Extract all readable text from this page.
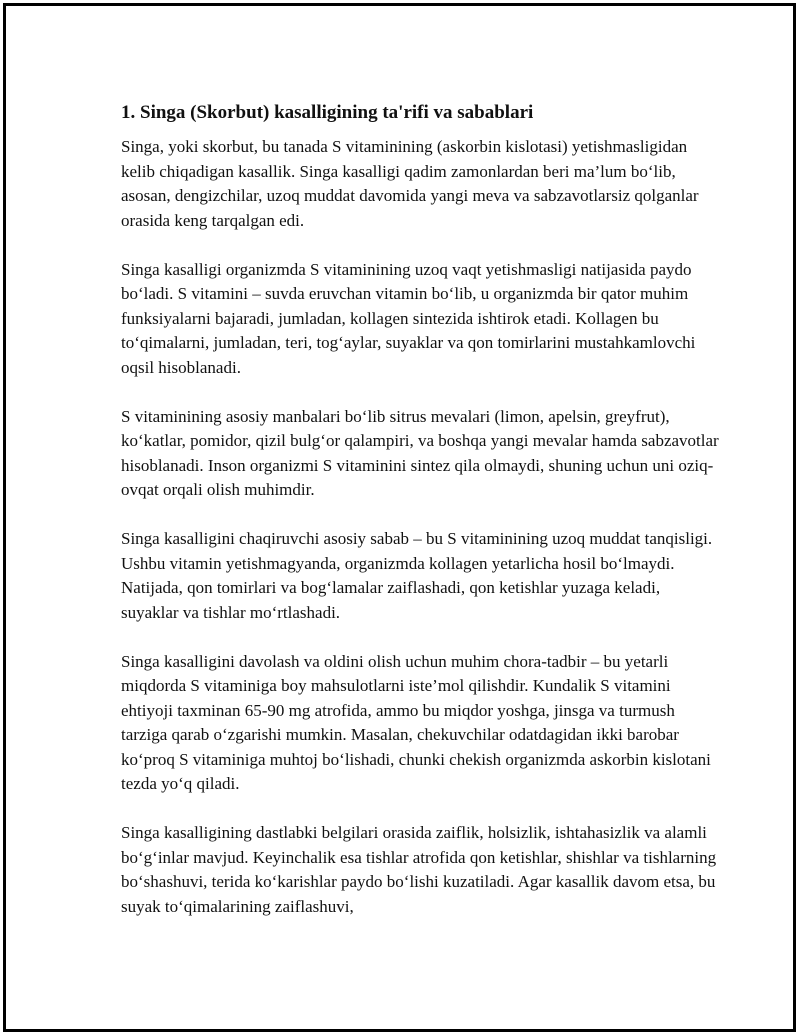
1. Singa (Skorbut) kasalligining ta'rifi va sabablari

Singa, yoki skorbut, bu tanada S vitaminining (askorbin kislotasi) yetishmasligidan kelib chiqadigan kasallik. Singa kasalligi qadim zamonlardan beri ma’lum bo‘lib, asosan, dengizchilar, uzoq muddat davomida yangi meva va sabzavotlarsiz qolganlar orasida keng tarqalgan edi.

Singa kasalligi organizmda S vitaminining uzoq vaqt yetishmasligi natijasida paydo bo‘ladi. S vitamini – suvda eruvchan vitamin bo‘lib, u organizmda bir qator muhim funksiyalarni bajaradi, jumladan, kollagen sintezida ishtirok etadi. Kollagen bu to‘qimalarni, jumladan, teri, tog‘aylar, suyaklar va qon tomirlarini mustahkamlovchi oqsil hisoblanadi.

S vitaminining asosiy manbalari bo‘lib sitrus mevalari (limon, apelsin, greyfrut), ko‘katlar, pomidor, qizil bulg‘or qalampiri, va boshqa yangi mevalar hamda sabzavotlar hisoblanadi. Inson organizmi S vitaminini sintez qila olmaydi, shuning uchun uni oziq-ovqat orqali olish muhimdir.

Singa kasalligini chaqiruvchi asosiy sabab – bu S vitaminining uzoq muddat tanqisligi. Ushbu vitamin yetishmagyanda, organizmda kollagen yetarlicha hosil bo‘lmaydi. Natijada, qon tomirlari va bog‘lamalar zaiflashadi, qon ketishlar yuzaga keladi, suyaklar va tishlar mo‘rtlashadi.

Singa kasalligini davolash va oldini olish uchun muhim chora-tadbir – bu yetarli miqdorda S vitaminiga boy mahsulotlarni iste’mol qilishdir. Kundalik S vitamini ehtiyoji taxminan 65-90 mg atrofida, ammo bu miqdor yoshga, jinsga va turmush tarziga qarab o‘zgarishi mumkin. Masalan, chekuvchilar odatdagidan ikki barobar ko‘proq S vitaminiga muhtoj bo‘lishadi, chunki chekish organizmda askorbin kislotani tezda yo‘q qiladi.

Singa kasalligining dastlabki belgilari orasida zaiflik, holsizlik, ishtahasizlik va alamli bo‘g‘inlar mavjud. Keyinchalik esa tishlar atrofida qon ketishlar, shishlar va tishlarning bo‘shashuvi, terida ko‘karishlar paydo bo‘lishi kuzatiladi. Agar kasallik davom etsa, bu suyak to‘qimalarining zaiflashuvi,
